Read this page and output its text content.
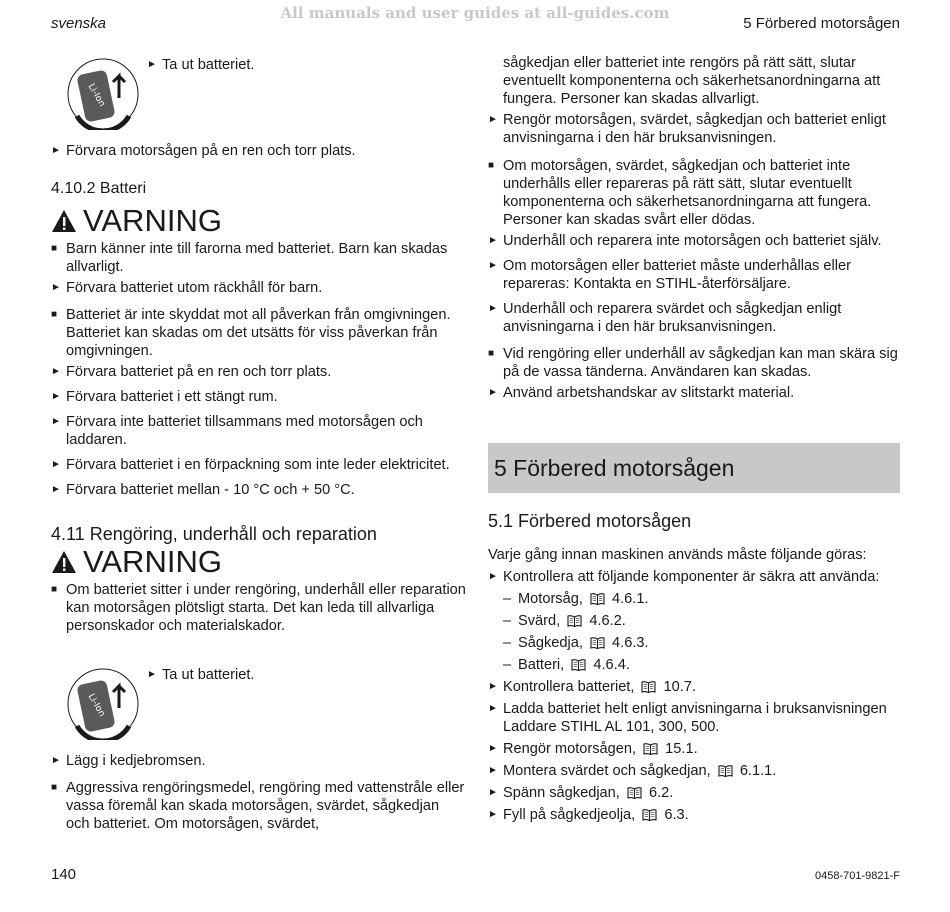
All manuals and user guides at all-guides.com
svenska	5 Förbered motorsågen
Li-Ion

► Ta ut batteriet.

► Förvara motorsågen på en ren och torr plats.

4.10.2 Batteri

VARNING

■ Barn känner inte till farorna med batteriet. Barn kan skadas allvarligt.

► Förvara batteriet utom räckhåll för barn.

■ Batteriet är inte skyddat mot all påverkan från omgivningen. Batteriet kan skadas om det utsätts för viss påverkan från omgivningen.

► Förvara batteriet på en ren och torr plats.

► Förvara batteriet i ett stängt rum.

► Förvara inte batteriet tillsammans med motorsågen och laddaren.

► Förvara batteriet i en förpackning som inte leder elektricitet.

► Förvara batteriet mellan - 10 °C och + 50 °C.

4.11 Rengöring, underhåll och reparation

VARNING

■ Om batteriet sitter i under rengöring, underhåll eller reparation kan motorsågen plötsligt starta. Det kan leda till allvarliga personskador och materialskador.

Li-Ion

► Ta ut batteriet.

► Lägg i kedjebromsen.

■ Aggressiva rengöringsmedel, rengöring med vattenstråle eller vassa föremål kan skada motorsågen, svärdet, sågkedjan och batteriet. Om motorsågen, svärdet,

sågkedjan eller batteriet inte rengörs på rätt sätt, slutar eventuellt komponenterna och säkerhetsanordningarna att fungera. Personer kan skadas allvarligt.

► Rengör motorsågen, svärdet, sågkedjan och batteriet enligt anvisningarna i den här bruksanvisningen.

■ Om motorsågen, svärdet, sågkedjan och batteriet inte underhålls eller repareras på rätt sätt, slutar eventuellt komponenterna och säkerhetsanordningarna att fungera. Personer kan skadas svårt eller dödas.

► Underhåll och reparera inte motorsågen och batteriet själv.

► Om motorsågen eller batteriet måste underhållas eller repareras: Kontakta en STIHL-återförsäljare.

► Underhåll och reparera svärdet och sågkedjan enligt anvisningarna i den här bruksanvisningen.

■ Vid rengöring eller underhåll av sågkedjan kan man skära sig på de vassa tänderna. Användaren kan skadas.

► Använd arbetshandskar av slitstarkt material.

5 Förbered motorsågen

5.1 Förbered motorsågen

Varje gång innan maskinen används måste följande göras:

► Kontrollera att följande komponenter är säkra att använda:

– Motorsåg, 4.6.1.

– Svärd, 4.6.2.

– Sågkedja, 4.6.3.

– Batteri, 4.6.4.

► Kontrollera batteriet, 10.7.

► Ladda batteriet helt enligt anvisningarna i bruksanvisningen Laddare STIHL AL 101, 300, 500.

► Rengör motorsågen, 15.1.

► Montera svärdet och sågkedjan, 6.1.1.

► Spänn sågkedjan, 6.2.

► Fyll på sågkedjeolja, 6.3.

140	0458-701-9821-F
